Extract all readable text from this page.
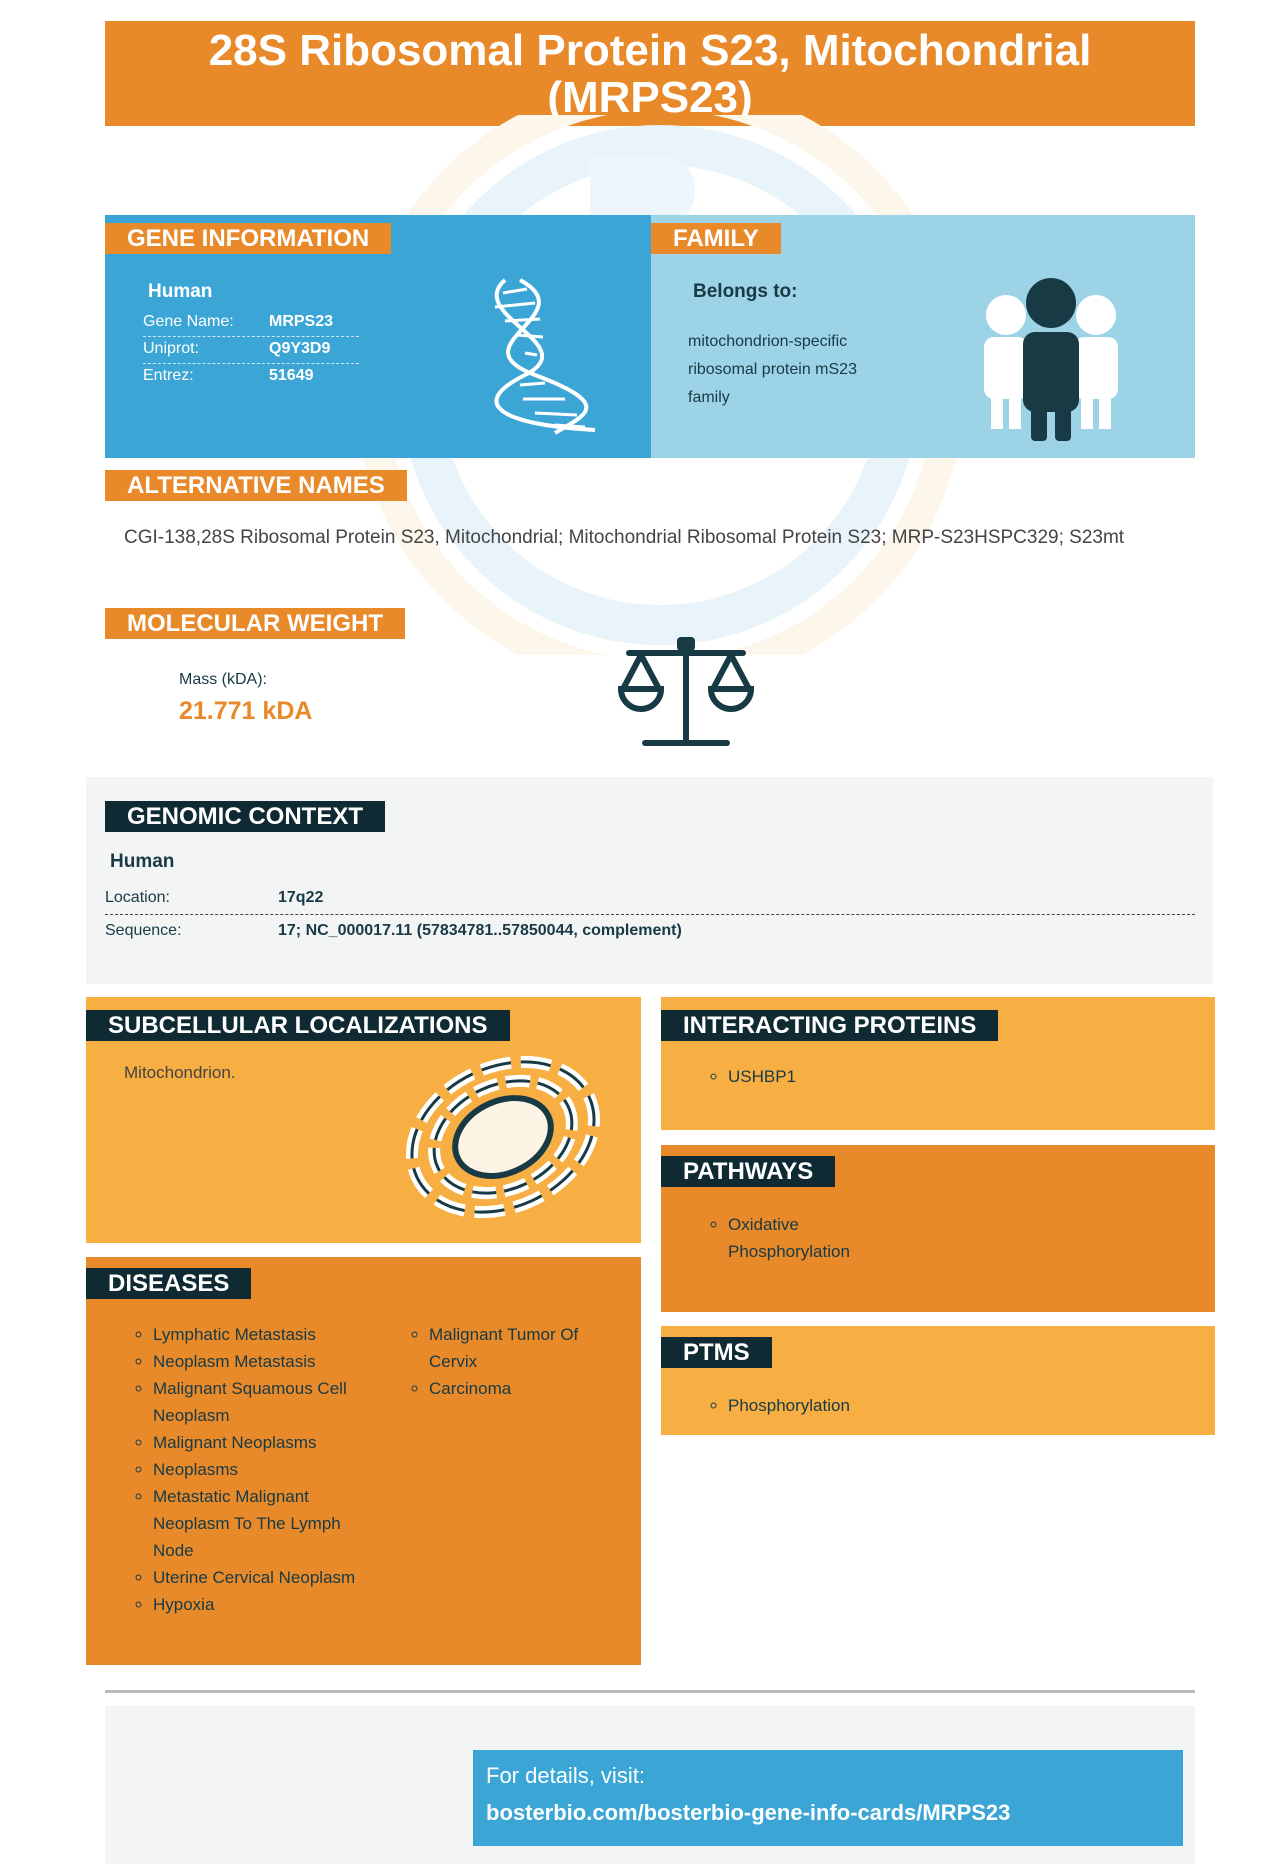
28S Ribosomal Protein S23, Mitochondrial (MRPS23)
GENE INFORMATION
Human
Gene Name: MRPS23
Uniprot:	Q9Y3D9
Entrez:	51649
FAMILY
Belongs to:
mitochondrion-specific
ribosomal protein mS23
family
ALTERNATIVE NAMES
CGI-138,28S Ribosomal Protein S23, Mitochondrial; Mitochondrial Ribosomal Protein S23; MRP-S23HSPC329; S23mt
MOLECULAR WEIGHT
Mass (kDA):
21.771 kDA
GENOMIC CONTEXT
Human
Location:	17q22
Sequence:	17; NC_000017.11 (57834781..57850044, complement)
SUBCELLULAR LOCALIZATIONS
Mitochondrion.
INTERACTING PROTEINS
◦ USHBP1
PATHWAYS
◦ Oxidative Phosphorylation
PTMS
◦ Phosphorylation
DISEASES
◦ Lymphatic Metastasis
◦ Neoplasm Metastasis
◦ Malignant Squamous Cell Neoplasm
◦ Malignant Neoplasms
◦ Neoplasms
◦ Metastatic Malignant Neoplasm To The Lymph Node
◦ Uterine Cervical Neoplasm
◦ Hypoxia
◦ Malignant Tumor Of Cervix
◦ Carcinoma
For details, visit:
bosterbio.com/bosterbio-gene-info-cards/MRPS23
